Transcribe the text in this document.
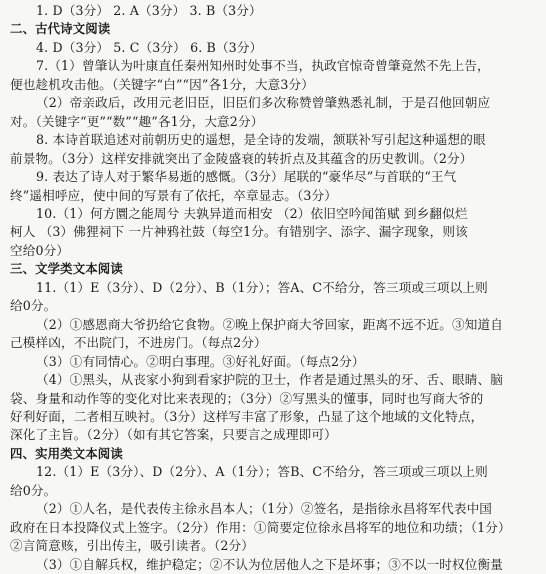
1. D（3分） 2. A（3分） 3. B（3分）
二、古代诗文阅读
4. D（3分） 5. C（3分） 6. B（3分）
7.（1）曾肇认为叶康直任秦州知州时处事不当，执政官惊奇曾肇竟然不先上告，
便也趁机攻击他。（关键字“白”“因”各1分，大意3分）
（2）帝亲政后，改用元老旧臣，旧臣们多次称赞曾肇熟悉礼制，于是召他回朝应
对。（关键字“更”“数”“趣”各1分，大意2分）
8. 本诗首联追述对前朝历史的遥想，是全诗的发端，颔联补写引起这种遥想的眼
前景物。（3分）这样安排就突出了金陵盛衰的转折点及其蕴含的历史教训。（2分）
9. 表达了诗人对于繁华易逝的感慨。（3分）尾联的“豪华尽”与首联的“王气
终”遥相呼应，使中间的写景有了依托，卒章显志。（3分）
10.（1）何方圜之能周兮 夫孰异道而相安 （2）依旧空吟闻笛赋 到乡翻似烂
柯人 （3）佛狸祠下 一片神鸦社鼓（每空1分。有错别字、添字、漏字现象，则该
空给0分）
三、文学类文本阅读
11.（1）E（3分）、D（2分）、B（1分）；答A、C不给分，答三项或三项以上则
给0分。
（2）①感恩商大爷扔给它食物。②晚上保护商大爷回家，距离不远不近。③知道自
己模样凶，不出院门，不进房门。（每点2分）
（3）①有同情心。②明白事理。③好礼好面。（每点2分）
（4）①黑头，从丧家小狗到看家护院的卫士，作者是通过黑头的牙、舌、眼睛、脑
袋、身量和动作等的变化对比来表现的；（3分）②写黑头的懂事，同时也写商大爷的
好利好面，二者相互映衬。（3分）这样写丰富了形象，凸显了这个地域的文化特点，
深化了主旨。（2分）（如有其它答案，只要言之成理即可）
四、实用类文本阅读
12.（1）E（3分）、D（2分）、A（1分）；答B、C不给分，答三项或三项以上则
给0分。
（2）①人名，是代表传主徐永昌本人；（1分）②签名，是指徐永昌将军代表中国
政府在日本投降仪式上签字。（2分）作用：①简要定位徐永昌将军的地位和功绩；（1分）
②言简意赅，引出传主，吸引读者。（2分）
（3）①自解兵权，维护稳定；②不认为位居他人之下是坏事；③不以一时权位衡量
